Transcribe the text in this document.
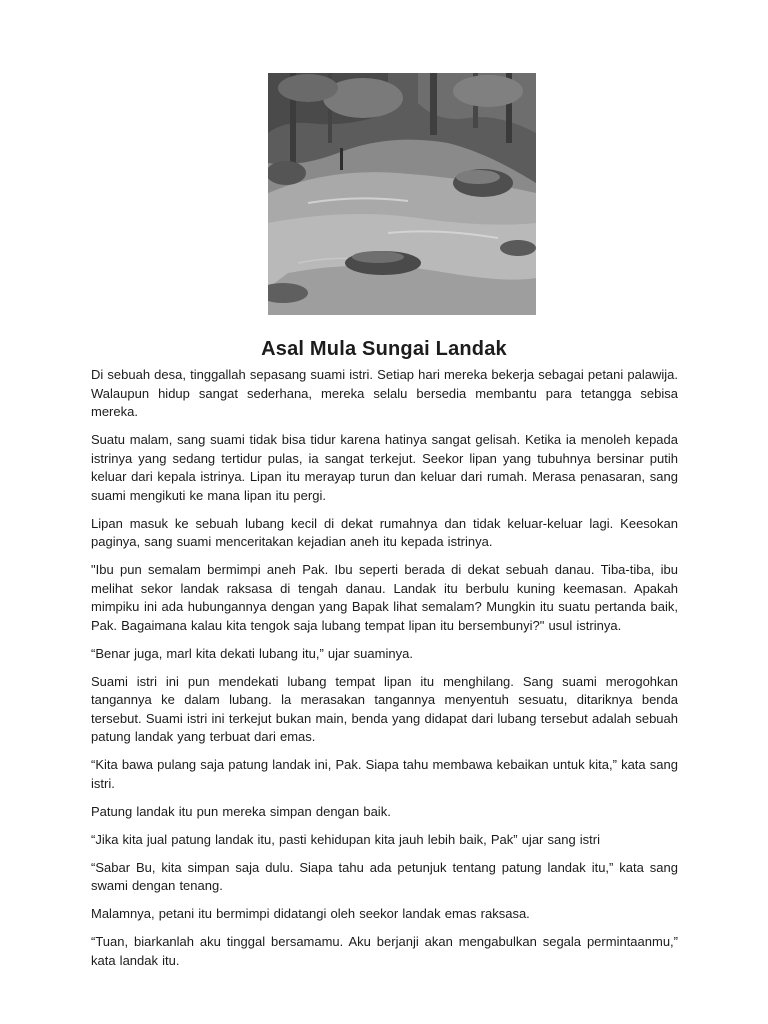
Asal Mula Sungai Landak

Di sebuah desa, tinggallah sepasang suami istri. Setiap hari mereka bekerja sebagai petani palawija. Walaupun hidup sangat sederhana, mereka selalu bersedia membantu para tetangga sebisa mereka.

Suatu malam, sang suami tidak bisa tidur karena hatinya sangat gelisah. Ketika ia menoleh kepada istrinya yang sedang tertidur pulas, ia sangat terkejut. Seekor lipan yang tubuhnya bersinar putih keluar dari kepala istrinya. Lipan itu merayap turun dan keluar dari rumah. Merasa penasaran, sang suami mengikuti ke mana lipan itu pergi.

Lipan masuk ke sebuah lubang kecil di dekat rumahnya dan tidak keluar-keluar lagi. Keesokan paginya, sang suami menceritakan kejadian aneh itu kepada istrinya.

"Ibu pun semalam bermimpi aneh Pak. Ibu seperti berada di dekat sebuah danau. Tiba-tiba, ibu melihat sekor landak raksasa di tengah danau. Landak itu berbulu kuning keemasan. Apakah mimpiku ini ada hubungannya dengan yang Bapak lihat semalam? Mungkin itu suatu pertanda baik, Pak. Bagaimana kalau kita tengok saja lubang tempat lipan itu bersembunyi?" usul istrinya.

“Benar juga, marl kita dekati lubang itu,” ujar suaminya.

Suami istri ini pun mendekati lubang tempat lipan itu menghilang. Sang suami merogohkan tangannya ke dalam lubang. la merasakan tangannya menyentuh sesuatu, ditariknya benda tersebut. Suami istri ini terkejut bukan main, benda yang didapat dari lubang tersebut adalah sebuah patung landak yang terbuat dari emas.

“Kita bawa pulang saja patung landak ini, Pak. Siapa tahu membawa kebaikan untuk kita,” kata sang istri.

Patung landak itu pun mereka simpan dengan baik.

“Jika kita jual patung landak itu, pasti kehidupan kita jauh lebih baik, Pak” ujar sang istri

“Sabar Bu, kita simpan saja dulu. Siapa tahu ada petunjuk tentang patung landak itu,” kata sang swami dengan tenang.

Malamnya, petani itu bermimpi didatangi oleh seekor landak emas raksasa.

“Tuan, biarkanlah aku tinggal bersamamu. Aku berjanji akan mengabulkan segala permintaanmu,” kata landak itu.
